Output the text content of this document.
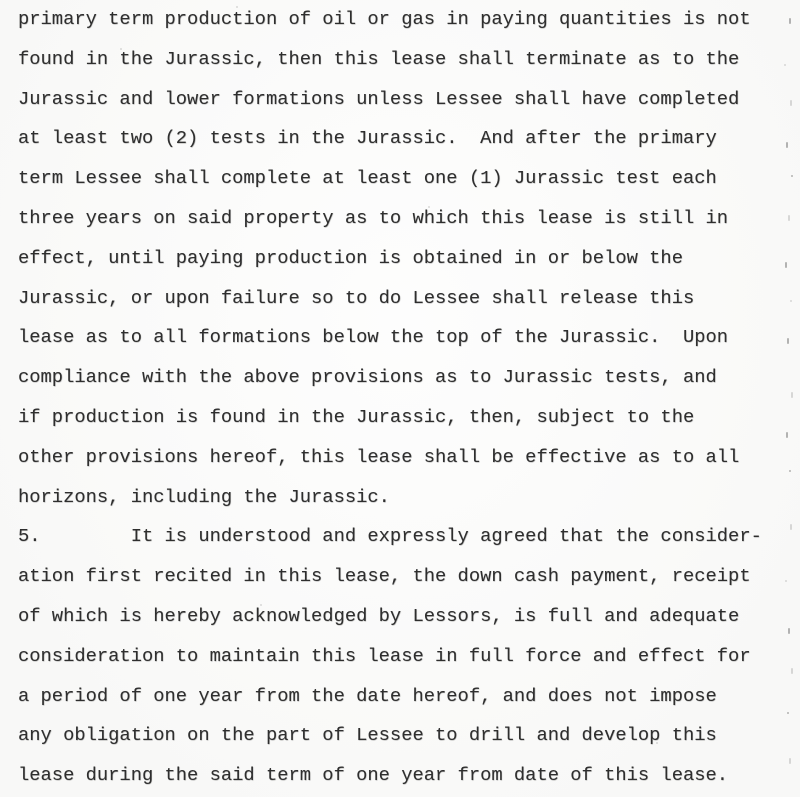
primary term production of oil or gas in paying quantities is not
found in the Jurassic, then this lease shall terminate as to the
Jurassic and lower formations unless Lessee shall have completed
at least two (2) tests in the Jurassic.  And after the primary
term Lessee shall complete at least one (1) Jurassic test each
three years on said property as to which this lease is still in
effect, until paying production is obtained in or below the
Jurassic, or upon failure so to do Lessee shall release this
lease as to all formations below the top of the Jurassic.  Upon
compliance with the above provisions as to Jurassic tests, and
if production is found in the Jurassic, then, subject to the
other provisions hereof, this lease shall be effective as to all
horizons, including the Jurassic.
5.        It is understood and expressly agreed that the consider-
ation first recited in this lease, the down cash payment, receipt
of which is hereby acknowledged by Lessors, is full and adequate
consideration to maintain this lease in full force and effect for
a period of one year from the date hereof, and does not impose
any obligation on the part of Lessee to drill and develop this
lease during the said term of one year from date of this lease.
